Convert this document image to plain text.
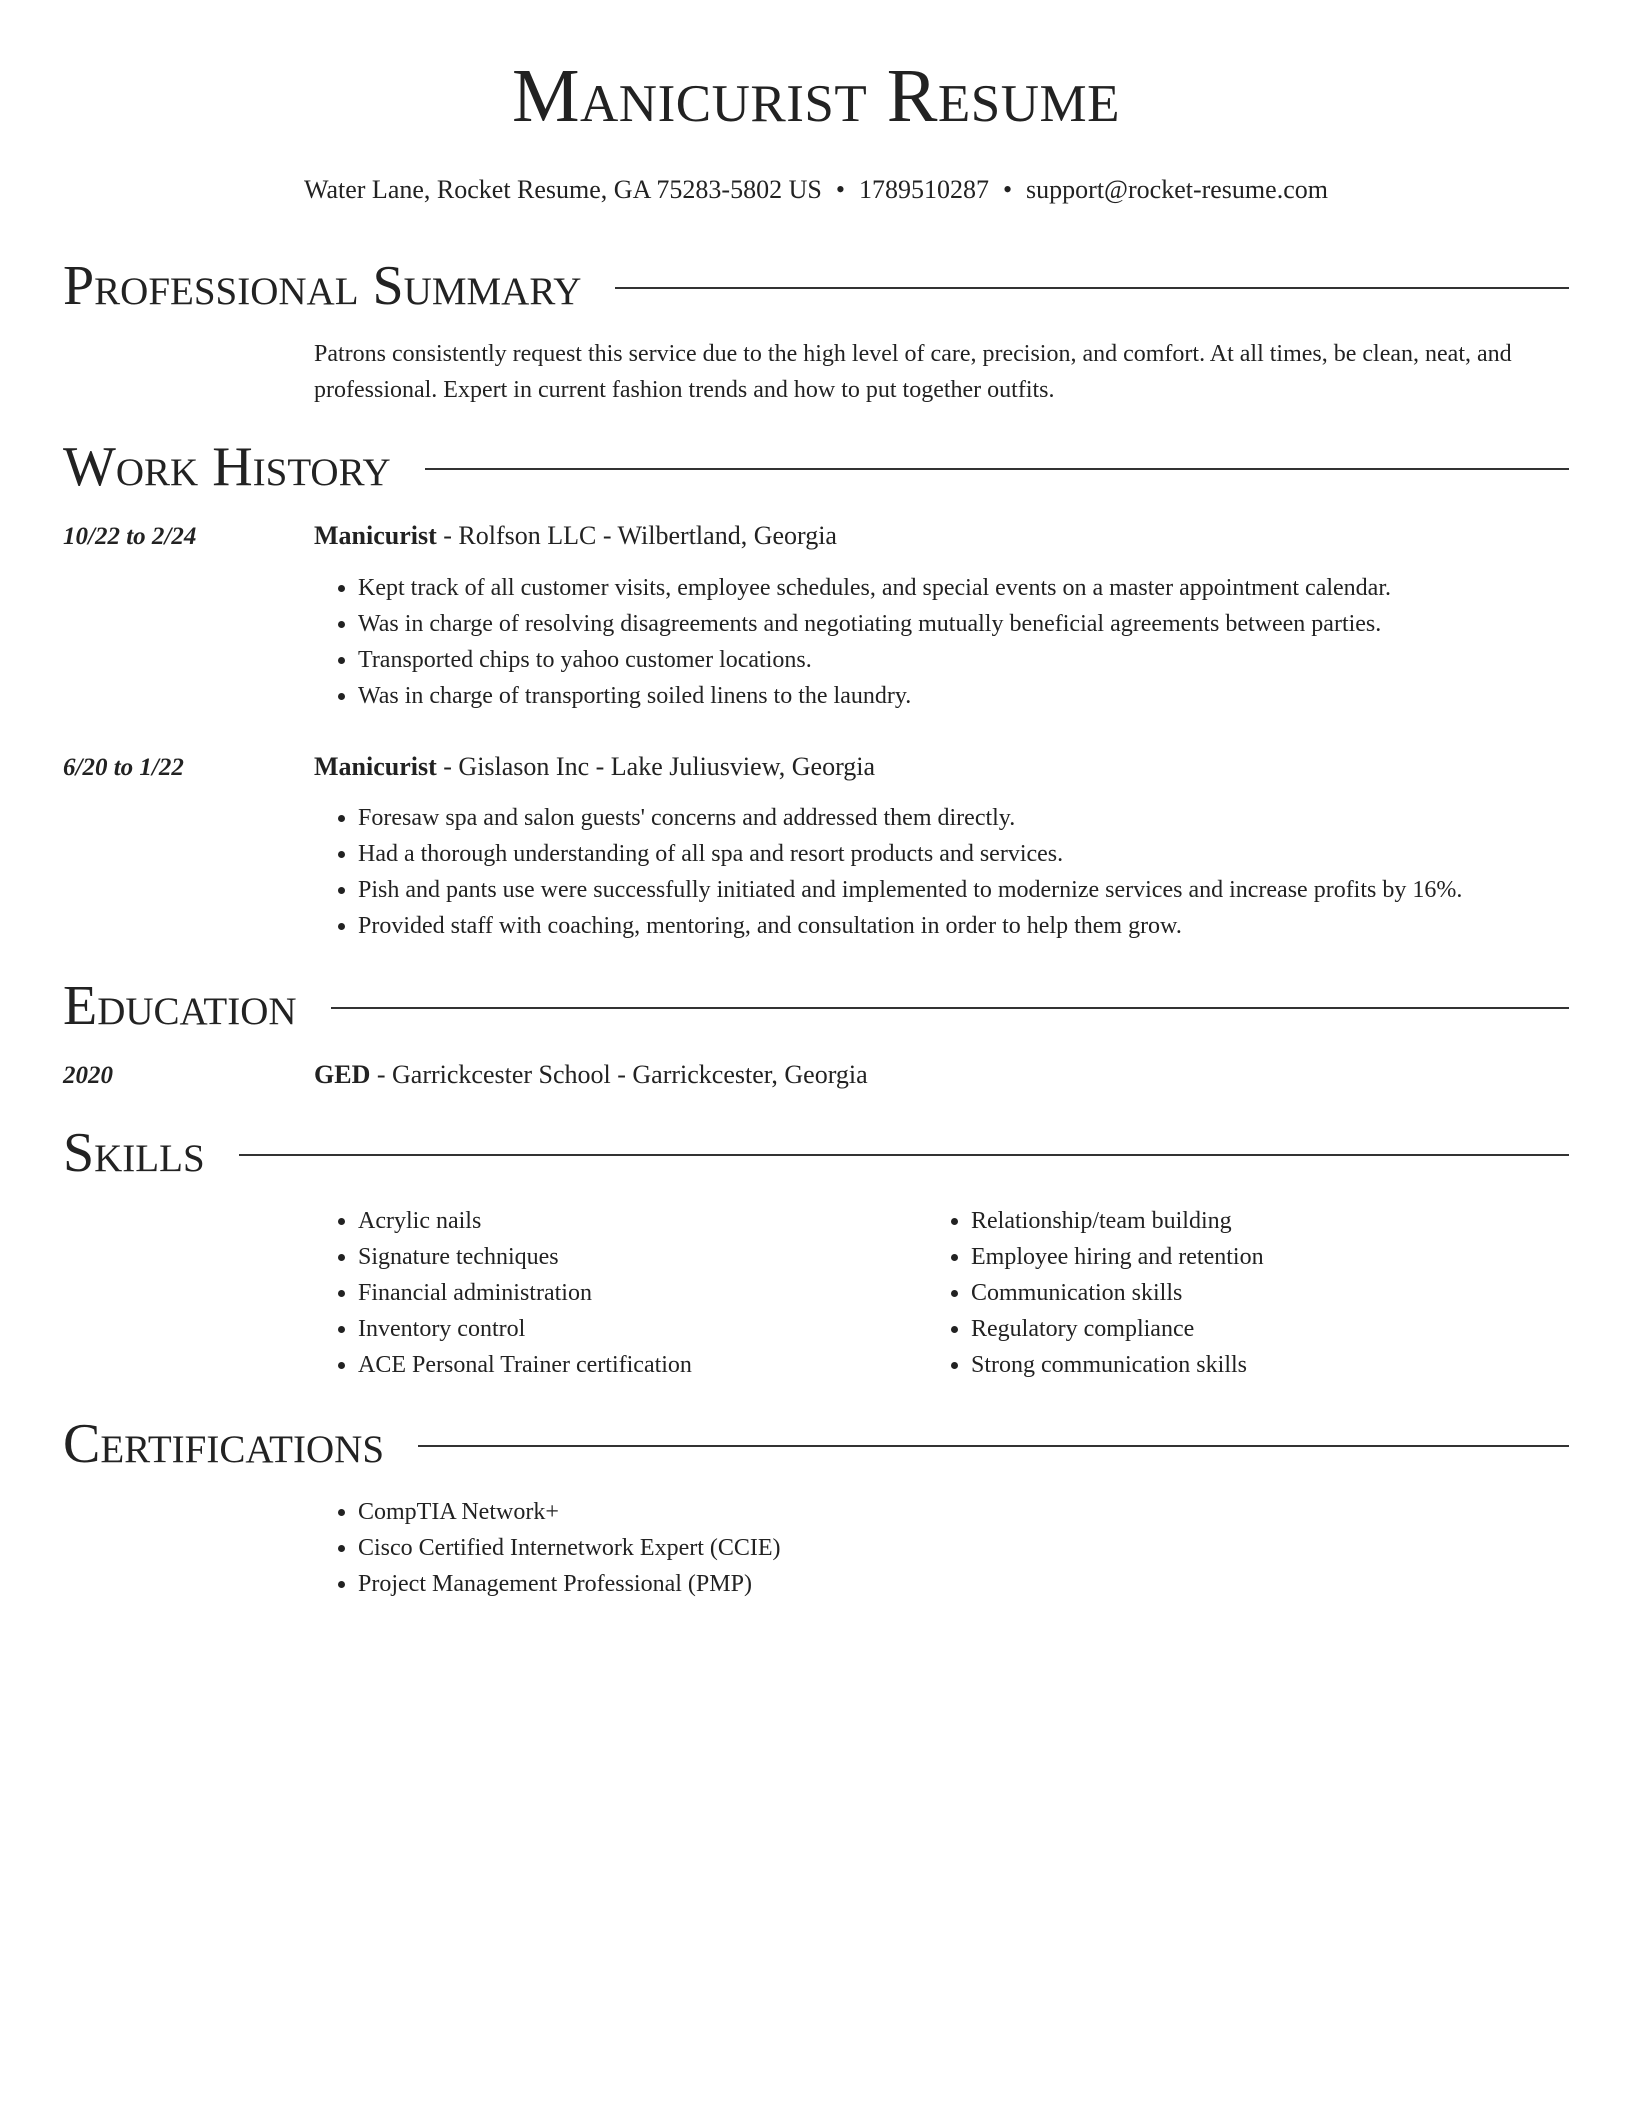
Manicurist Resume
Water Lane, Rocket Resume, GA 75283-5802 US • 1789510287 • support@rocket-resume.com
Professional Summary
Patrons consistently request this service due to the high level of care, precision, and comfort. At all times, be clean, neat, and professional. Expert in current fashion trends and how to put together outfits.
Work History
10/22 to 2/24	Manicurist - Rolfson LLC - Wilbertland, Georgia
• Kept track of all customer visits, employee schedules, and special events on a master appointment calendar.
• Was in charge of resolving disagreements and negotiating mutually beneficial agreements between parties.
• Transported chips to yahoo customer locations.
• Was in charge of transporting soiled linens to the laundry.
6/20 to 1/22	Manicurist - Gislason Inc - Lake Juliusview, Georgia
• Foresaw spa and salon guests' concerns and addressed them directly.
• Had a thorough understanding of all spa and resort products and services.
• Pish and pants use were successfully initiated and implemented to modernize services and increase profits by 16%.
• Provided staff with coaching, mentoring, and consultation in order to help them grow.
Education
2020	GED - Garrickcester School - Garrickcester, Georgia
Skills
• Acrylic nails
• Signature techniques
• Financial administration
• Inventory control
• ACE Personal Trainer certification
• Relationship/team building
• Employee hiring and retention
• Communication skills
• Regulatory compliance
• Strong communication skills
Certifications
• CompTIA Network+
• Cisco Certified Internetwork Expert (CCIE)
• Project Management Professional (PMP)
